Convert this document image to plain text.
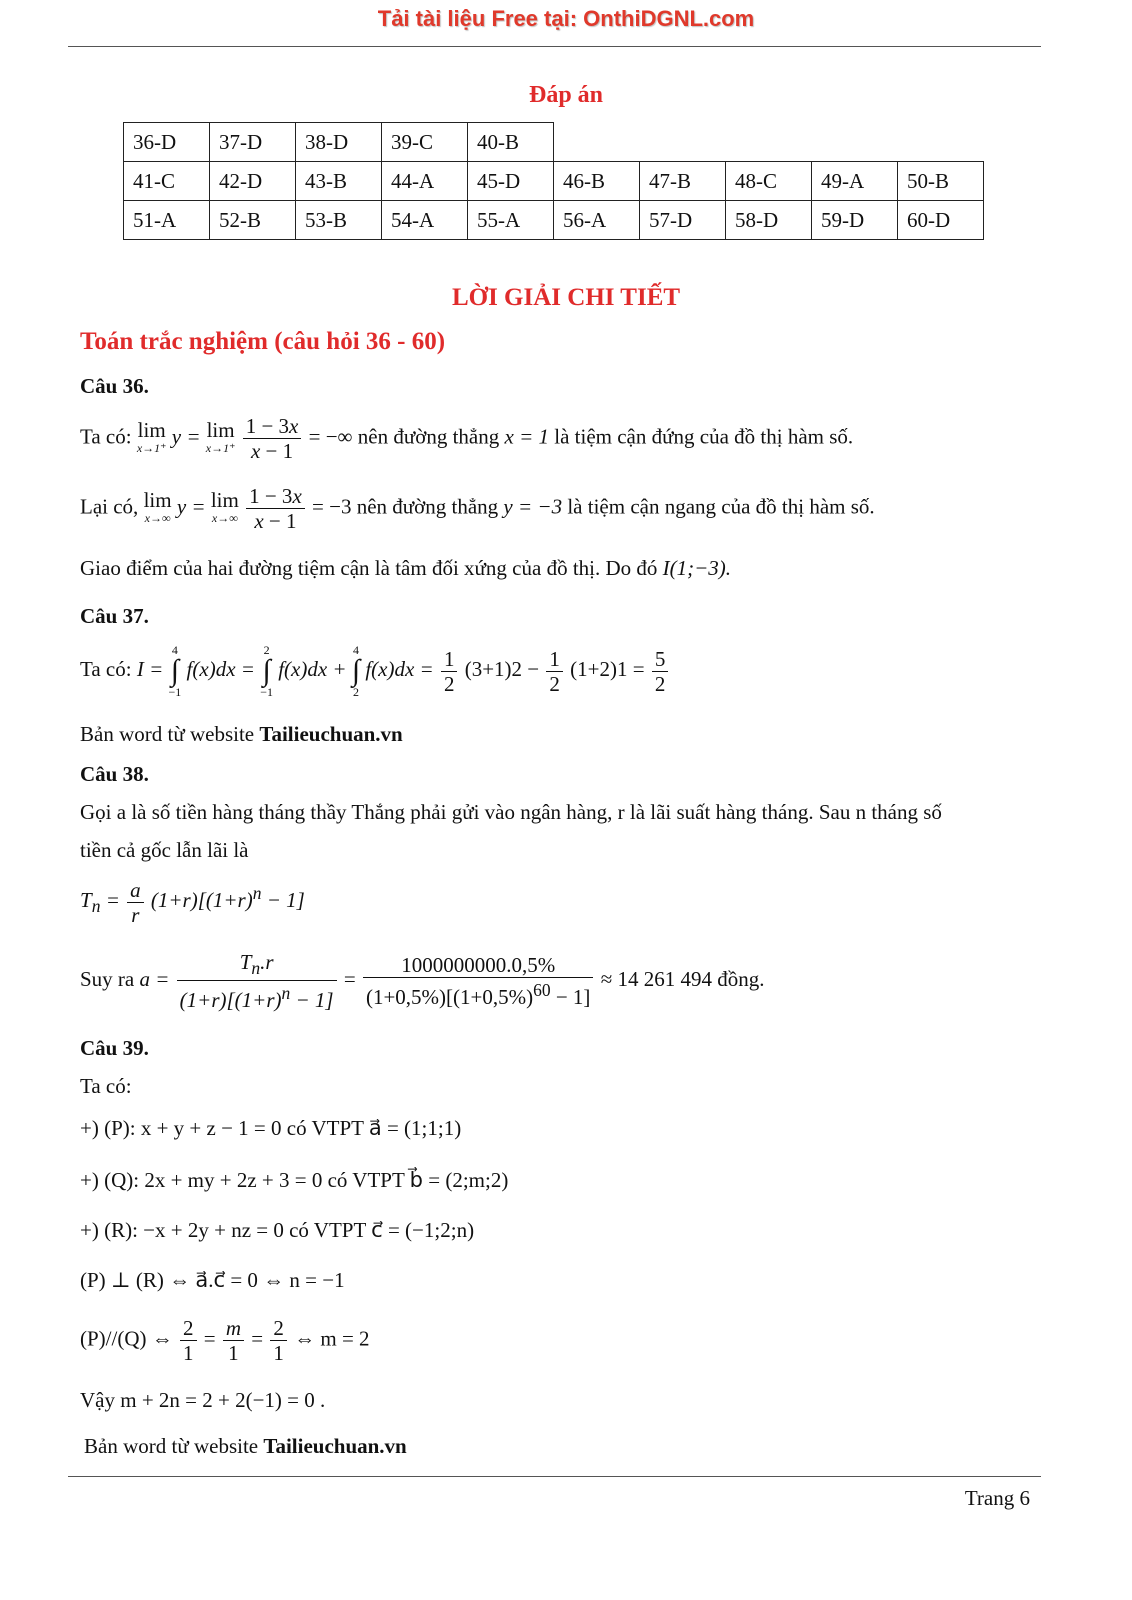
Tải tài liệu Free tại: OnthiDGNL.com
Đáp án
36-D	37-D	38-D	39-C	40-B					
41-C	42-D	43-B	44-A	45-D	46-B	47-B	48-C	49-A	50-B
51-A	52-B	53-B	54-A	55-A	56-A	57-D	58-D	59-D	60-D
LỜI GIẢI CHI TIẾT
Toán trắc nghiệm (câu hỏi 36 - 60)
Câu 36.
Ta có: lim
x→1⁺ y = lim
x→1⁺
$\frac{1 - 3x}{x - 1}$ = −∞ nên đường thẳng x = 1 là tiệm cận đứng của đồ thị hàm số.
Lại có, lim
x→∞ y = lim
x→∞
$\frac{1 - 3x}{x - 1} = -3$ nên đường thẳng y = −3 là tiệm cận ngang của đồ thị hàm số.
Giao điểm của hai đường tiệm cận là tâm đối xứng của đồ thị. Do đó I(1;−3).
Câu 37.
Ta có: I = 4
∫
−1 f(x)dx = 2
∫
−1 f(x)dx + 4
∫
2 $f(x)dx = \frac{1}{2} (3+1)2 - \frac{1}{2} (1+2)1 = \frac{5}{2}$
Bản word từ website Tailieuchuan.vn
Câu 38.
Gọi a là số tiền hàng tháng thầy Thắng phải gửi vào ngân hàng, r là lãi suất hàng tháng. Sau n tháng số
tiền cả gốc lẫn lãi là
$T_n = \frac{a}{r} (1+r)[(1+r)^n - 1]$
Suy ra $a = \frac{T_n.r}{(1+r)[(1+r)^n - 1]} = \frac{1000000000.0,5\%}{(1+0,5\%)[(1+0,5\%)^{60} - 1]} \approx 14$ 261 494 đồng.
Câu 39.
Ta có:
+) (P): x + y + z − 1 = 0 có VTPT a⃗ = (1;1;1)
+) (Q): 2x + my + 2z + 3 = 0 có VTPT b⃗ = (2;m;2)
+) (R): −x + 2y + nz = 0 có VTPT c⃗ = (−1;2;n)
(P) ⊥ (R) ⇔ a⃗.c⃗ = 0 ⇔ n = −1
(P)//(Q) ⇔ $\frac{2}{1} = \frac{m}{1} = \frac{2}{1}$ ⇔ m = 2
Vậy m + 2n = 2 + 2(−1) = 0 .
Bản word từ website Tailieuchuan.vn
Trang 6
